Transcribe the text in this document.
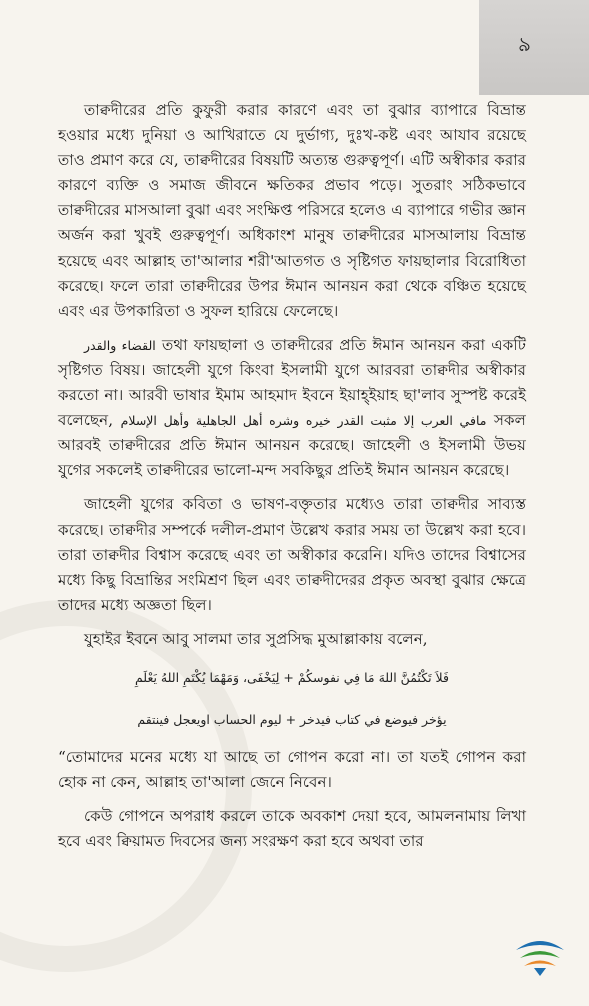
৯

তাক্বদীরের প্রতি কুফুরী করার কারণে এবং তা বুঝার ব্যাপারে বিভ্রান্ত হওয়ার মধ্যে দুনিয়া ও আখিরাতে যে দুর্ভাগ্য, দুঃখ-কষ্ট এবং আযাব রয়েছে তাও প্রমাণ করে যে, তাক্বদীরের বিষয়টি অত্যন্ত গুরুত্বপূর্ণ। এটি অস্বীকার করার কারণে ব্যক্তি ও সমাজ জীবনে ক্ষতিকর প্রভাব পড়ে। সুতরাং সঠিকভাবে তাক্বদীরের মাসআলা বুঝা এবং সংক্ষিপ্ত পরিসরে হলেও এ ব্যাপারে গভীর জ্ঞান অর্জন করা খুবই গুরুত্বপূর্ণ। অধিকাংশ মানুষ তাক্বদীরের মাসআলায় বিভ্রান্ত হয়েছে এবং আল্লাহ তা'আলার শরী'আতগত ও সৃষ্টিগত ফায়ছালার বিরোধিতা করেছে। ফলে তারা তাক্বদীরের উপর ঈমান আনয়ন করা থেকে বঞ্চিত হয়েছে এবং এর উপকারিতা ও সুফল হারিয়ে ফেলেছে।

القضاء والقدر তথা ফায়ছালা ও তাক্বদীরের প্রতি ঈমান আনয়ন করা একটি সৃষ্টিগত বিষয়। জাহেলী যুগে কিংবা ইসলামী যুগে আরবরা তাক্বদীর অস্বীকার করতো না। আরবী ভাষার ইমাম আহমাদ ইবনে ইয়াহ্ইয়াহ ছা'লাব সুস্পষ্ট করেই বলেছেন, مافي العرب إلا مثبت القدر خيره وشره أهل الجاهلية وأهل الإسلام সকল আরবই তাক্বদীরের প্রতি ঈমান আনয়ন করেছে। জাহেলী ও ইসলামী উভয় যুগের সকলেই তাক্বদীরের ভালো-মন্দ সবকিছুর প্রতিই ঈমান আনয়ন করেছে।

জাহেলী যুগের কবিতা ও ভাষণ-বক্তৃতার মধ্যেও তারা তাক্বদীর সাব্যস্ত করেছে। তাক্বদীর সম্পর্কে দলীল-প্রমাণ উল্লেখ করার সময় তা উল্লেখ করা হবে। তারা তাক্বদীর বিশ্বাস করেছে এবং তা অস্বীকার করেনি। যদিও তাদের বিশ্বাসের মধ্যে কিছু বিভ্রান্তির সংমিশ্রণ ছিল এবং তাক্বদীদেরর প্রকৃত অবস্থা বুঝার ক্ষেত্রে তাদের মধ্যে অজ্ঞতা ছিল।

যুহাইর ইবনে আবু সালমা তার সুপ্রসিদ্ধ মুআল্লাকায় বলেন,

فَلاَ تَكْتُمُنَّ اللهَ مَا فِي نفوسكُمْ + لِيَخْفَى، وَمَهْمَا يُكْتَمِ اللهُ يَعْلَمِ
يؤخر فيوضع في كتاب فيدخر + ليوم الحساب اويعجل فينتقم

“তোমাদের মনের মধ্যে যা আছে তা গোপন করো না। তা যতই গোপন করা হোক না কেন, আল্লাহ তা'আলা জেনে নিবেন।

কেউ গোপনে অপরাধ করলে তাকে অবকাশ দেয়া হবে, আমলনামায় লিখা হবে এবং ক্বিয়ামত দিবসের জন্য সংরক্ষণ করা হবে অথবা তার
